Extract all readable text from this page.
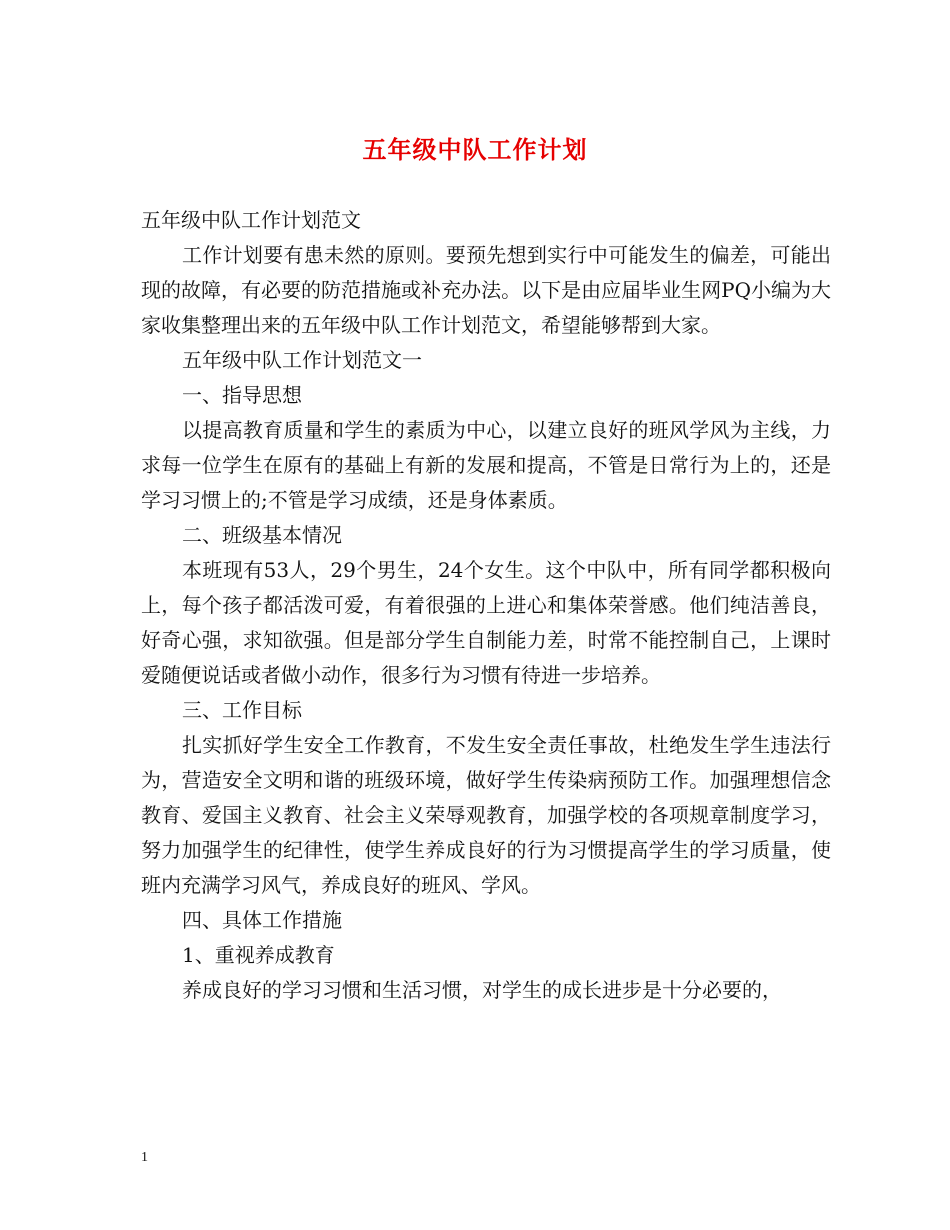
五年级中队工作计划

五年级中队工作计划范文

工作计划要有患未然的原则。要预先想到实行中可能发生的偏差，可能出现的故障，有必要的防范措施或补充办法。以下是由应届毕业生网PQ小编为大家收集整理出来的五年级中队工作计划范文，希望能够帮到大家。

五年级中队工作计划范文一

一、指导思想

以提高教育质量和学生的素质为中心，以建立良好的班风学风为主线，力求每一位学生在原有的基础上有新的发展和提高，不管是日常行为上的，还是学习习惯上的;不管是学习成绩，还是身体素质。

二、班级基本情况

本班现有53人，29个男生，24个女生。这个中队中，所有同学都积极向上，每个孩子都活泼可爱，有着很强的上进心和集体荣誉感。他们纯洁善良，好奇心强，求知欲强。但是部分学生自制能力差，时常不能控制自己，上课时爱随便说话或者做小动作，很多行为习惯有待进一步培养。

三、工作目标

扎实抓好学生安全工作教育，不发生安全责任事故，杜绝发生学生违法行为，营造安全文明和谐的班级环境，做好学生传染病预防工作。加强理想信念教育、爱国主义教育、社会主义荣辱观教育，加强学校的各项规章制度学习，努力加强学生的纪律性，使学生养成良好的行为习惯提高学生的学习质量，使班内充满学习风气，养成良好的班风、学风。

四、具体工作措施

1、重视养成教育

养成良好的学习习惯和生活习惯，对学生的成长进步是十分必要的，

1
